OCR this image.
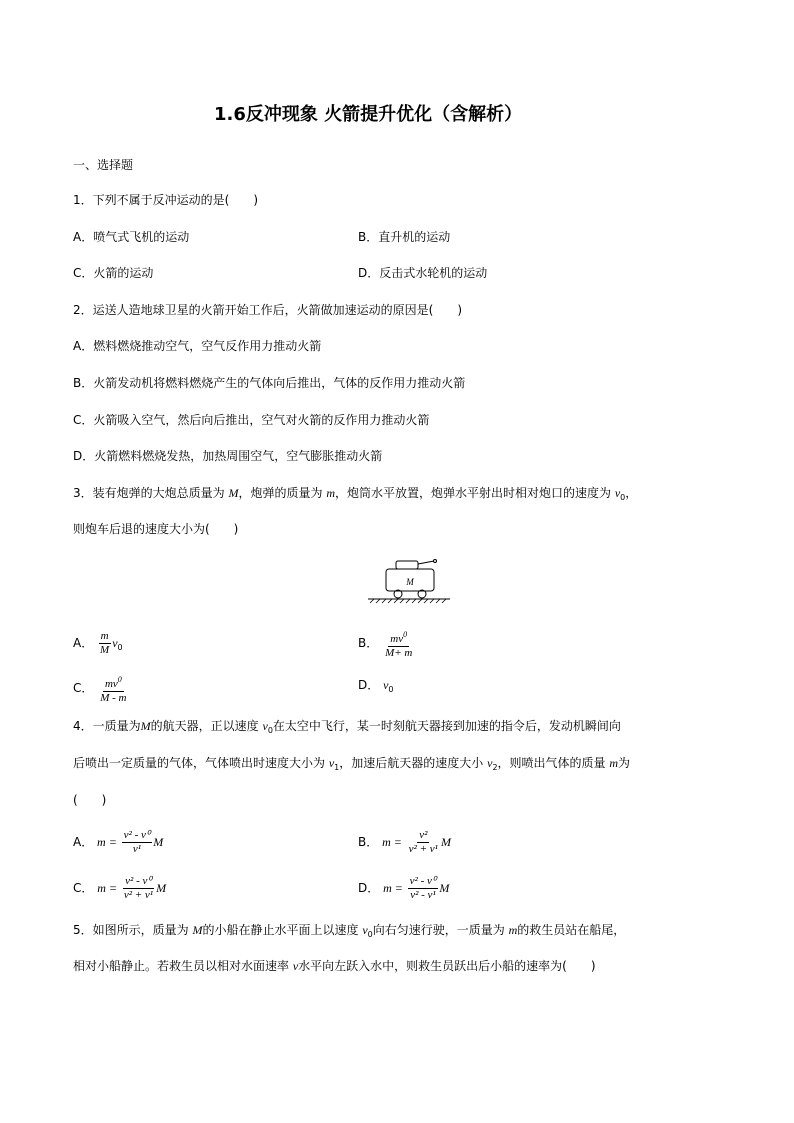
1.6反冲现象 火箭提升优化（含解析）
一、选择题
1．下列不属于反冲运动的是(　　)
A．喷气式飞机的运动	B．直升机的运动
C．火箭的运动	D．反击式水轮机的运动
2．运送人造地球卫星的火箭开始工作后，火箭做加速运动的原因是(　　)
A．燃料燃烧推动空气，空气反作用力推动火箭
B．火箭发动机将燃料燃烧产生的气体向后推出，气体的反作用力推动火箭
C．火箭吸入空气，然后向后推出，空气对火箭的反作用力推动火箭
D．火箭燃料燃烧发热，加热周围空气，空气膨胀推动火箭
3．装有炮弹的大炮总质量为 M，炮弹的质量为 m，炮筒水平放置，炮弹水平射出时相对炮口的速度为 $v_0$，
则炮车后退的速度大小为(　　)
M
A． $\frac{m}{M} v_0$	B． $\frac{mv^0}{M+ m}$
C． $\frac{mv^0}{M - m}$	D． $v_0$
4．一质量为M的航天器，正以速度 $v_0$在太空中飞行，某一时刻航天器接到加速的指令后，发动机瞬间向
后喷出一定质量的气体，气体喷出时速度大小为 $v_1$，加速后航天器的速度大小 $v_2$，则喷出气体的质量 m为
(　　)
A． $m = \frac{\text{v² - v⁰}}{\text{v¹}}$ M	B． $m = \frac{\text{v²}}{\text{v² + v¹}}$ M
C． $m = \frac{\text{v² - v⁰}}{\text{v² + v¹}}$ M	D． $m = \frac{\text{v² - v⁰}}{\text{v² - v¹}}$ M
5．如图所示，质量为 M的小船在静止水平面上以速度 $v_0$向右匀速行驶，一质量为 m的救生员站在船尾，
相对小船静止。若救生员以相对水面速率 v水平向左跃入水中，则救生员跃出后小船的速率为(　　)
